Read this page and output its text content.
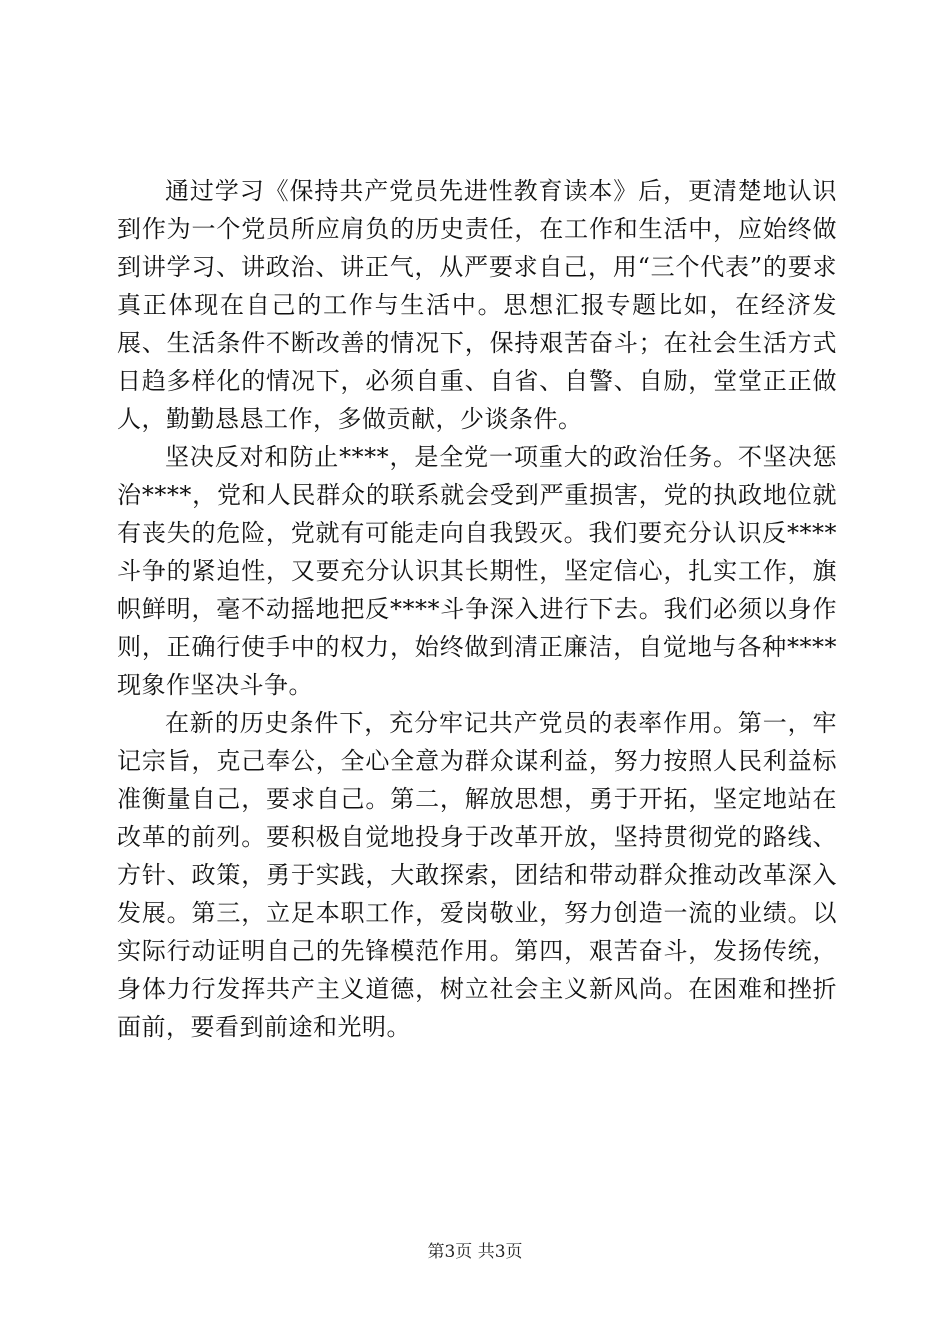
通过学习《保持共产党员先进性教育读本》后，更清楚地认识到作为一个党员所应肩负的历史责任，在工作和生活中，应始终做到讲学习、讲政治、讲正气，从严要求自己，用“三个代表”的要求真正体现在自己的工作与生活中。思想汇报专题比如，在经济发展、生活条件不断改善的情况下，保持艰苦奋斗；在社会生活方式日趋多样化的情况下，必须自重、自省、自警、自励，堂堂正正做人，勤勤恳恳工作，多做贡献，少谈条件。

坚决反对和防止****，是全党一项重大的政治任务。不坚决惩治****，党和人民群众的联系就会受到严重损害，党的执政地位就有丧失的危险，党就有可能走向自我毁灭。我们要充分认识反****斗争的紧迫性，又要充分认识其长期性，坚定信心，扎实工作，旗帜鲜明，毫不动摇地把反****斗争深入进行下去。我们必须以身作则，正确行使手中的权力，始终做到清正廉洁，自觉地与各种****现象作坚决斗争。

在新的历史条件下，充分牢记共产党员的表率作用。第一，牢记宗旨，克己奉公，全心全意为群众谋利益，努力按照人民利益标准衡量自己，要求自己。第二，解放思想，勇于开拓，坚定地站在改革的前列。要积极自觉地投身于改革开放，坚持贯彻党的路线、方针、政策，勇于实践，大敢探索，团结和带动群众推动改革深入发展。第三，立足本职工作，爱岗敬业，努力创造一流的业绩。以实际行动证明自己的先锋模范作用。第四，艰苦奋斗，发扬传统，身体力行发挥共产主义道德，树立社会主义新风尚。在困难和挫折面前，要看到前途和光明。

第3页 共3页
